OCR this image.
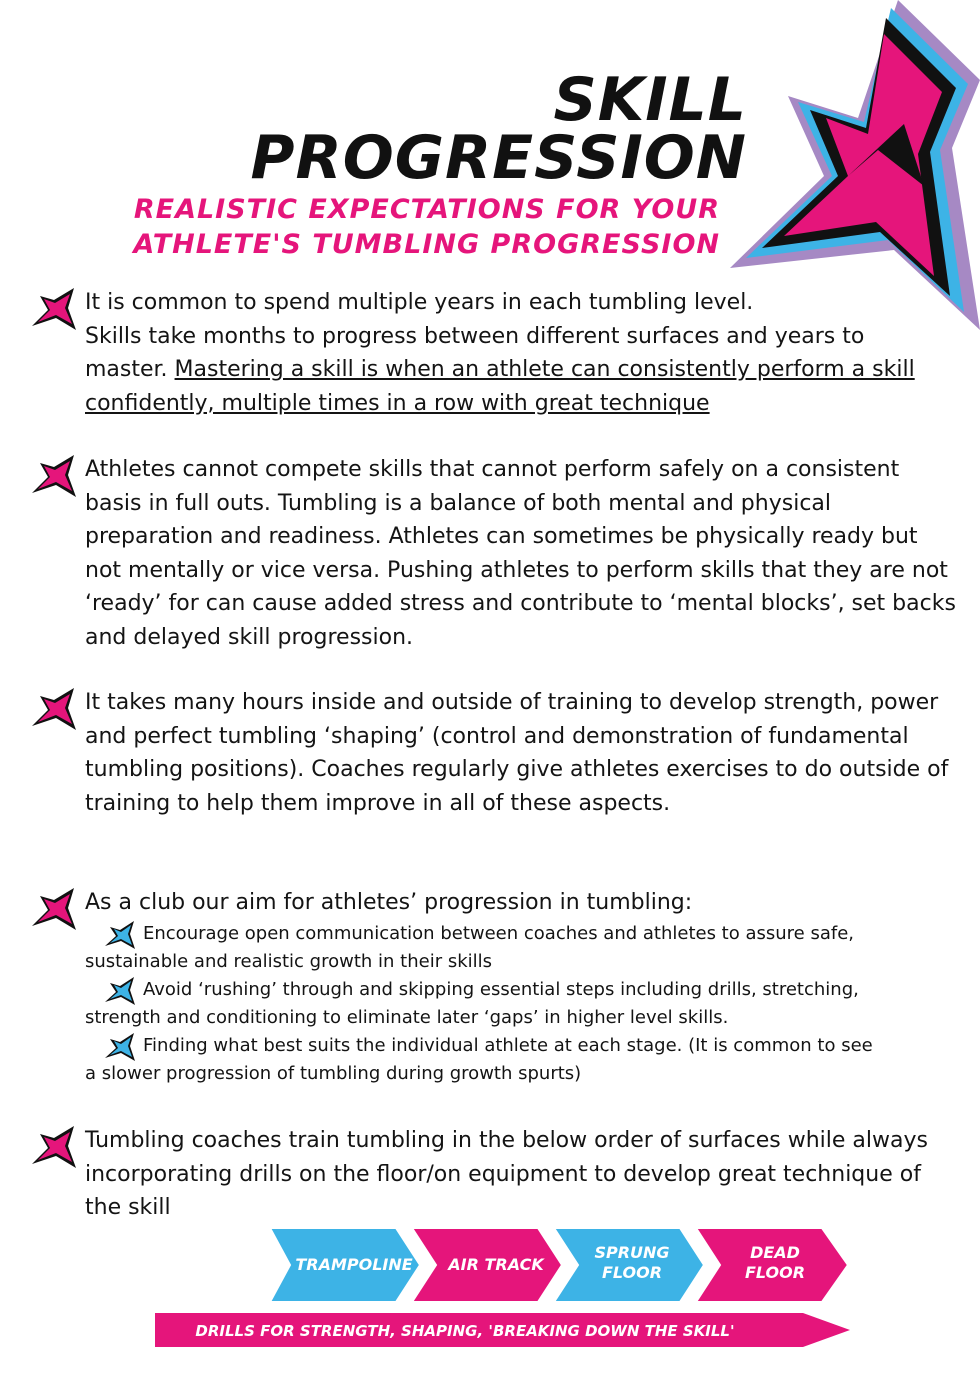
SKILL
PROGRESSION
REALISTIC EXPECTATIONS FOR YOUR
ATHLETE'S TUMBLING PROGRESSION

It is common to spend multiple years in each tumbling level.

Skills take months to progress between different surfaces and years to

master. Mastering a skill is when an athlete can consistently perform a skill confidently, multiple times in a row with great technique

Athletes cannot compete skills that cannot perform safely on a consistent basis in full outs. Tumbling is a balance of both mental and physical preparation and readiness. Athletes can sometimes be physically ready but not mentally or vice versa. Pushing athletes to perform skills that they are not ‘ready’ for can cause added stress and contribute to ‘mental blocks’, set backs and delayed skill progression.

It takes many hours inside and outside of training to develop strength, power and perfect tumbling ‘shaping’ (control and demonstration of fundamental tumbling positions). Coaches regularly give athletes exercises to do outside of training to help them improve in all of these aspects.

As a club our aim for athletes’ progression in tumbling:

Encourage open communication between coaches and athletes to assure safe,
sustainable and realistic growth in their skills
Avoid ‘rushing’ through and skipping essential steps including drills, stretching,
strength and conditioning to eliminate later ‘gaps’ in higher level skills.
Finding what best suits the individual athlete at each stage. (It is common to see
a slower progression of tumbling during growth spurts)

Tumbling coaches train tumbling in the below order of surfaces while always incorporating drills on the floor/on equipment to develop great technique of the skill

TRAMPOLINE AIR TRACK
SPRUNG
FLOOR
DEAD
FLOOR
DRILLS FOR STRENGTH, SHAPING, 'BREAKING DOWN THE SKILL'
